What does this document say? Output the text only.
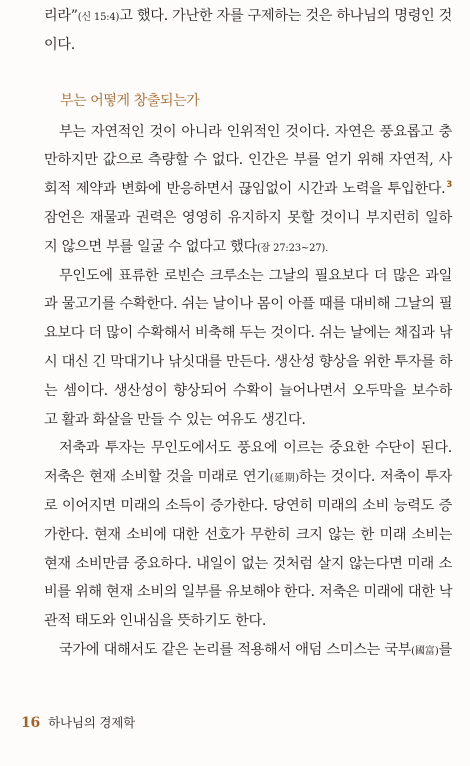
리라”(신 15:4)고 했다. 가난한 자를 구제하는 것은 하나님의 명령인 것
이다.
부는 어떻게 창출되는가
부는 자연적인 것이 아니라 인위적인 것이다. 자연은 풍요롭고 충
만하지만 값으로 측량할 수 없다. 인간은 부를 얻기 위해 자연적, 사
회적 제약과 변화에 반응하면서 끊임없이 시간과 노력을 투입한다.$^3$
잠언은 재물과 권력은 영영히 유지하지 못할 것이니 부지런히 일하
지 않으면 부를 일굴 수 없다고 했다(잠 27:23~27).
무인도에 표류한 로빈슨 크루소는 그날의 필요보다 더 많은 과일
과 물고기를 수확한다. 쉬는 날이나 몸이 아플 때를 대비해 그날의 필
요보다 더 많이 수확해서 비축해 두는 것이다. 쉬는 날에는 채집과 낚
시 대신 긴 막대기나 낚싯대를 만든다. 생산성 향상을 위한 투자를 하
는 셈이다. 생산성이 향상되어 수확이 늘어나면서 오두막을 보수하
고 활과 화살을 만들 수 있는 여유도 생긴다.
저축과 투자는 무인도에서도 풍요에 이르는 중요한 수단이 된다.
저축은 현재 소비할 것을 미래로 연기(延期)하는 것이다. 저축이 투자
로 이어지면 미래의 소득이 증가한다. 당연히 미래의 소비 능력도 증
가한다. 현재 소비에 대한 선호가 무한히 크지 않는 한 미래 소비는
현재 소비만큼 중요하다. 내일이 없는 것처럼 살지 않는다면 미래 소
비를 위해 현재 소비의 일부를 유보해야 한다. 저축은 미래에 대한 낙
관적 태도와 인내심을 뜻하기도 한다.
국가에 대해서도 같은 논리를 적용해서 애덤 스미스는 국부(國富)를
16 하나님의 경제학
